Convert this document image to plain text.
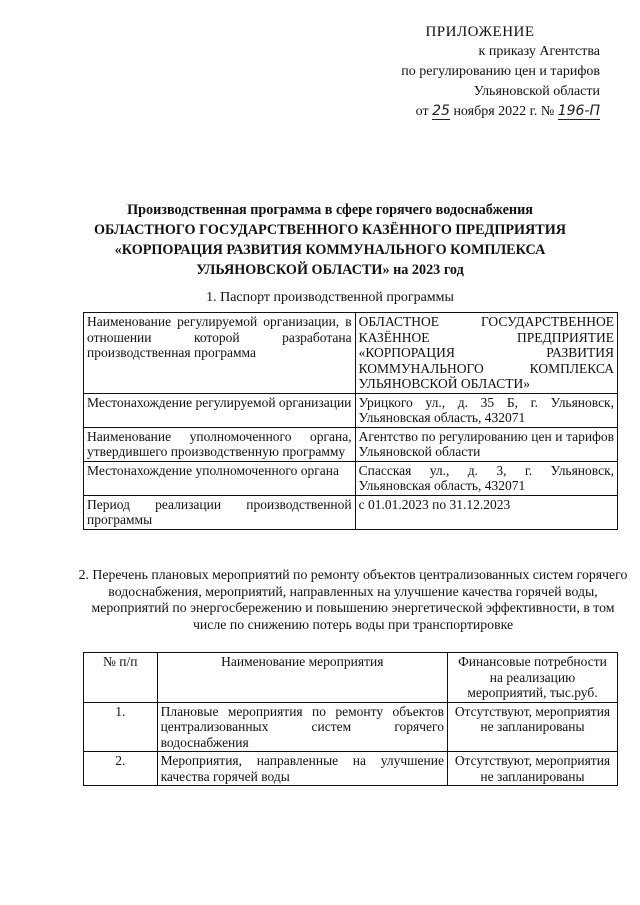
ПРИЛОЖЕНИЕ
к приказу Агентства
по регулированию цен и тарифов
Ульяновской области
от 25 ноября 2022 г. № 196-П
Производственная программа в сфере горячего водоснабжения
ОБЛАСТНОГО ГОСУДАРСТВЕННОГО КАЗЁННОГО ПРЕДПРИЯТИЯ
«КОРПОРАЦИЯ РАЗВИТИЯ КОММУНАЛЬНОГО КОМПЛЕКСА
УЛЬЯНОВСКОЙ ОБЛАСТИ» на 2023 год
1. Паспорт производственной программы
Наименование регулируемой организации, в отношении которой разработана производственная программа	ОБЛАСТНОЕ ГОСУДАРСТВЕННОЕ КАЗЁННОЕ ПРЕДПРИЯТИЕ «КОРПОРАЦИЯ РАЗВИТИЯ КОММУНАЛЬНОГО КОМПЛЕКСА УЛЬЯНОВСКОЙ ОБЛАСТИ»
Местонахождение регулируемой организации	Урицкого ул., д. 35 Б, г. Ульяновск, Ульяновская область, 432071
Наименование уполномоченного органа, утвердившего производственную программу	Агентство по регулированию цен и тарифов Ульяновской области
Местонахождение уполномоченного органа	Спасская ул., д. 3, г. Ульяновск, Ульяновская область, 432071
Период реализации производственной программы	с 01.01.2023 по 31.12.2023
2. Перечень плановых мероприятий по ремонту объектов централизованных систем горячего водоснабжения, мероприятий, направленных на улучшение качества горячей воды, мероприятий по энергосбережению и повышению энергетической эффективности, в том числе по снижению потерь воды при транспортировке
№ п/п	Наименование мероприятия	Финансовые потребности на реализацию мероприятий, тыс.руб.
1.	Плановые мероприятия по ремонту объектов централизованных систем горячего водоснабжения	Отсутствуют, мероприятия не запланированы
2.	Мероприятия, направленные на улучшение качества горячей воды	Отсутствуют, мероприятия не запланированы
